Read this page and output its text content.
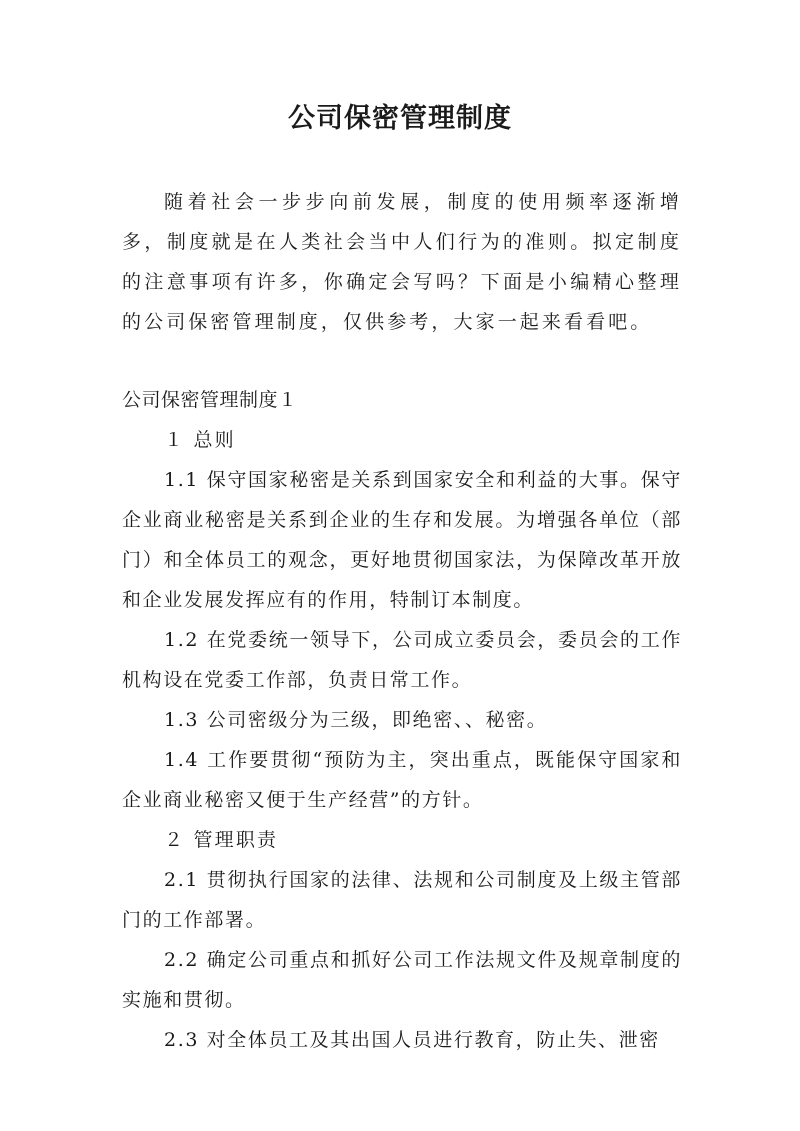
公司保密管理制度

随着社会一步步向前发展，制度的使用频率逐渐增多，制度就是在人类社会当中人们行为的准则。拟定制度的注意事项有许多，你确定会写吗？下面是小编精心整理的公司保密管理制度，仅供参考，大家一起来看看吧。

公司保密管理制度１

１ 总则

1.1 保守国家秘密是关系到国家安全和利益的大事。保守企业商业秘密是关系到企业的生存和发展。为增强各单位（部门）和全体员工的观念，更好地贯彻国家法，为保障改革开放和企业发展发挥应有的作用，特制订本制度。

1.2 在党委统一领导下，公司成立委员会，委员会的工作机构设在党委工作部，负责日常工作。

1.3 公司密级分为三级，即绝密、、秘密。

1.4 工作要贯彻“预防为主，突出重点，既能保守国家和企业商业秘密又便于生产经营”的方针。

２ 管理职责

2.1 贯彻执行国家的法律、法规和公司制度及上级主管部门的工作部署。

2.2 确定公司重点和抓好公司工作法规文件及规章制度的实施和贯彻。

2.3 对全体员工及其出国人员进行教育，防止失、泄密
